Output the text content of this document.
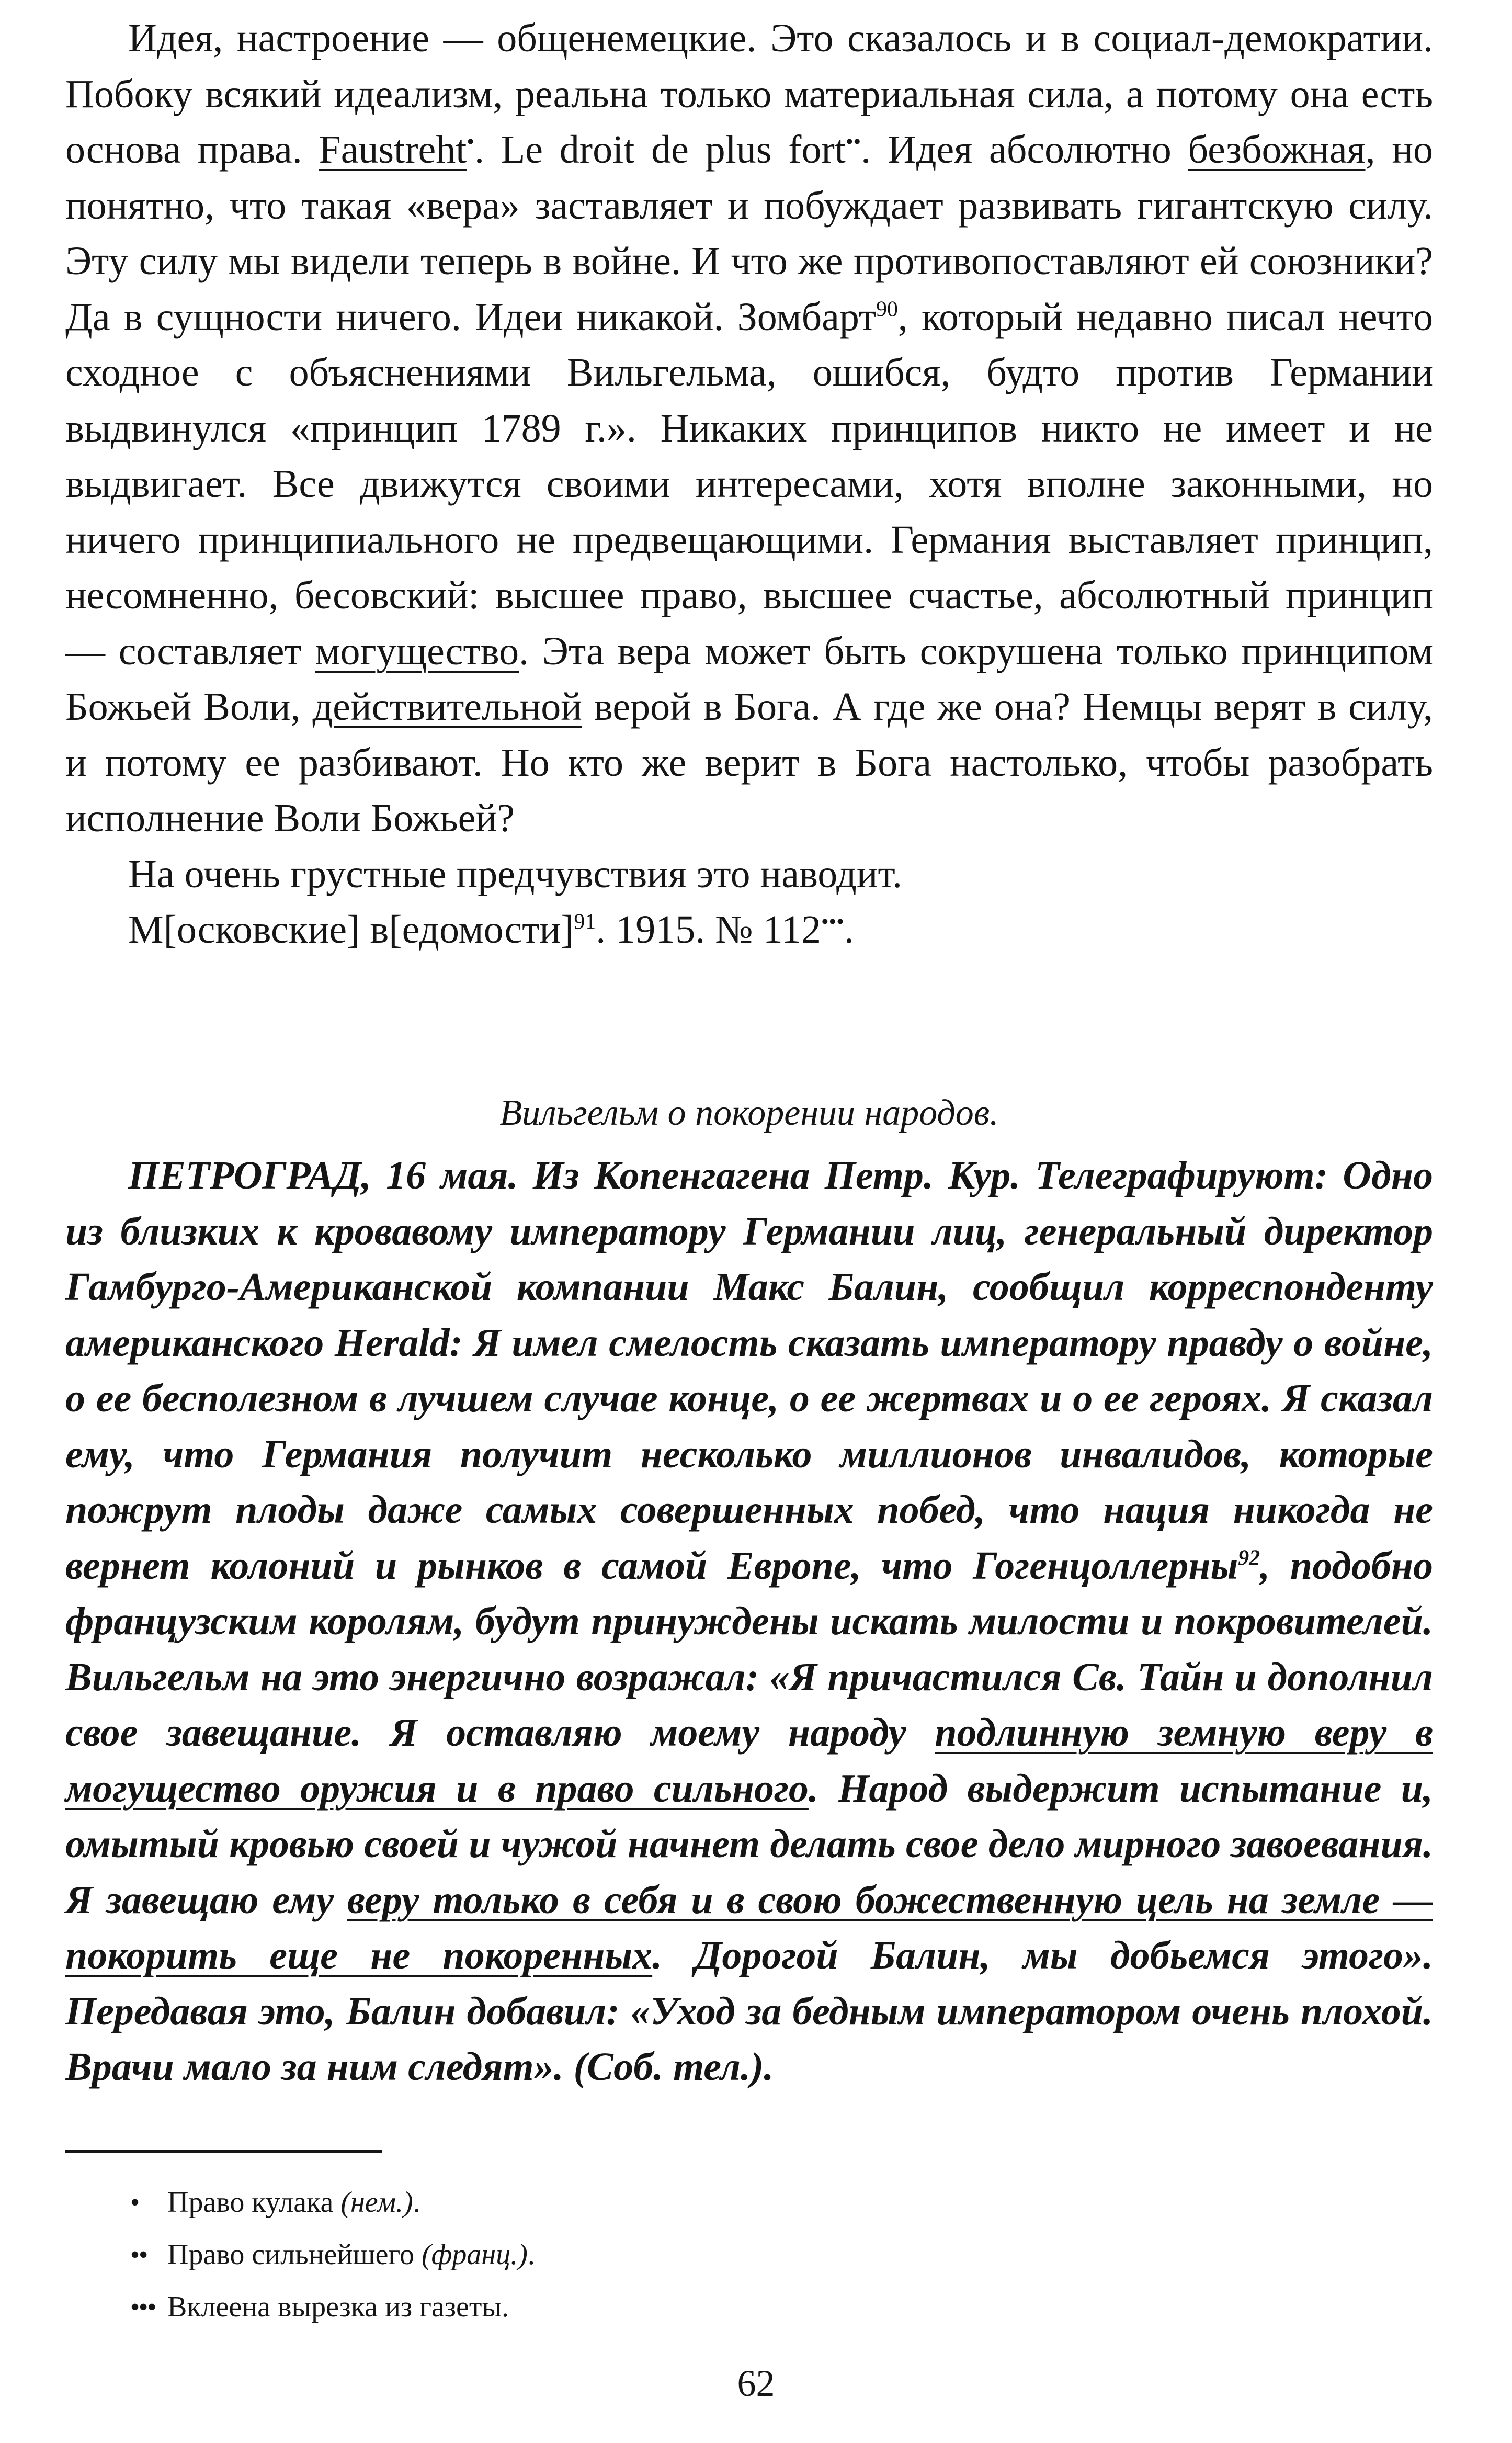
Идея, настроение — общенемецкие. Это сказалось и в социал-демократии. Побоку всякий идеализм, реальна только материальная сила, а потому она есть основа права. Faustreht•. Le droit de plus fort••. Идея абсолютно безбожная, но понятно, что такая «вера» заставляет и побуждает развивать гигантскую силу. Эту силу мы видели теперь в войне. И что же противопоставляют ей союзники? Да в сущности ничего. Идеи никакой. Зомбарт$^{90}$, который недавно писал нечто сходное с объяснениями Вильгельма, ошибся, будто против Германии выдвинулся «принцип 1789 г.». Никаких принципов никто не имеет и не выдвигает. Все движутся своими интересами, хотя вполне законными, но ничего принципиального не предвещающими. Германия выставляет принцип, несомненно, бесовский: высшее право, высшее счастье, абсолютный принцип — составляет могущество. Эта вера может быть сокрушена только принципом Божьей Воли, действительной верой в Бога. А где же она? Немцы верят в силу, и потому ее разбивают. Но кто же верит в Бога настолько, чтобы разобрать исполнение Воли Божьей?

На очень грустные предчувствия это наводит.

М[осковские] в[едомости]$^{91}$. 1915. № 112•••.

Вильгельм о покорении народов.

ПЕТРОГРАД, 16 мая. Из Копенгагена Петр. Кур. Телеграфируют: Одно из близких к кровавому императору Германии лиц, генеральный директор Гамбурго-Американской компании Макс Балин, сообщил корреспонденту американского Herald: Я имел смелость сказать императору правду о войне, о ее бесполезном в лучшем случае конце, о ее жертвах и о ее героях. Я сказал ему, что Германия получит несколько миллионов инвалидов, которые пожрут плоды даже самых совершенных побед, что нация никогда не вернет колоний и рынков в самой Европе, что Гогенцоллерны$^{92}$, подобно французским королям, будут принуждены искать милости и покровителей. Вильгельм на это энергично возражал: «Я причастился Св. Тайн и дополнил свое завещание. Я оставляю моему народу подлинную земную веру в могущество оружия и в право сильного. Народ выдержит испытание и, омытый кровью своей и чужой начнет делать свое дело мирного завоевания. Я завещаю ему веру только в себя и в свою божественную цель на земле — покорить еще не покоренных. Дорогой Балин, мы добьемся этого». Передавая это, Балин добавил: «Уход за бедным императором очень плохой. Врачи мало за ним следят». (Соб. тел.).

• Право кулака (нем.).

•• Право сильнейшего (франц.).

••• Вклеена вырезка из газеты.

62
